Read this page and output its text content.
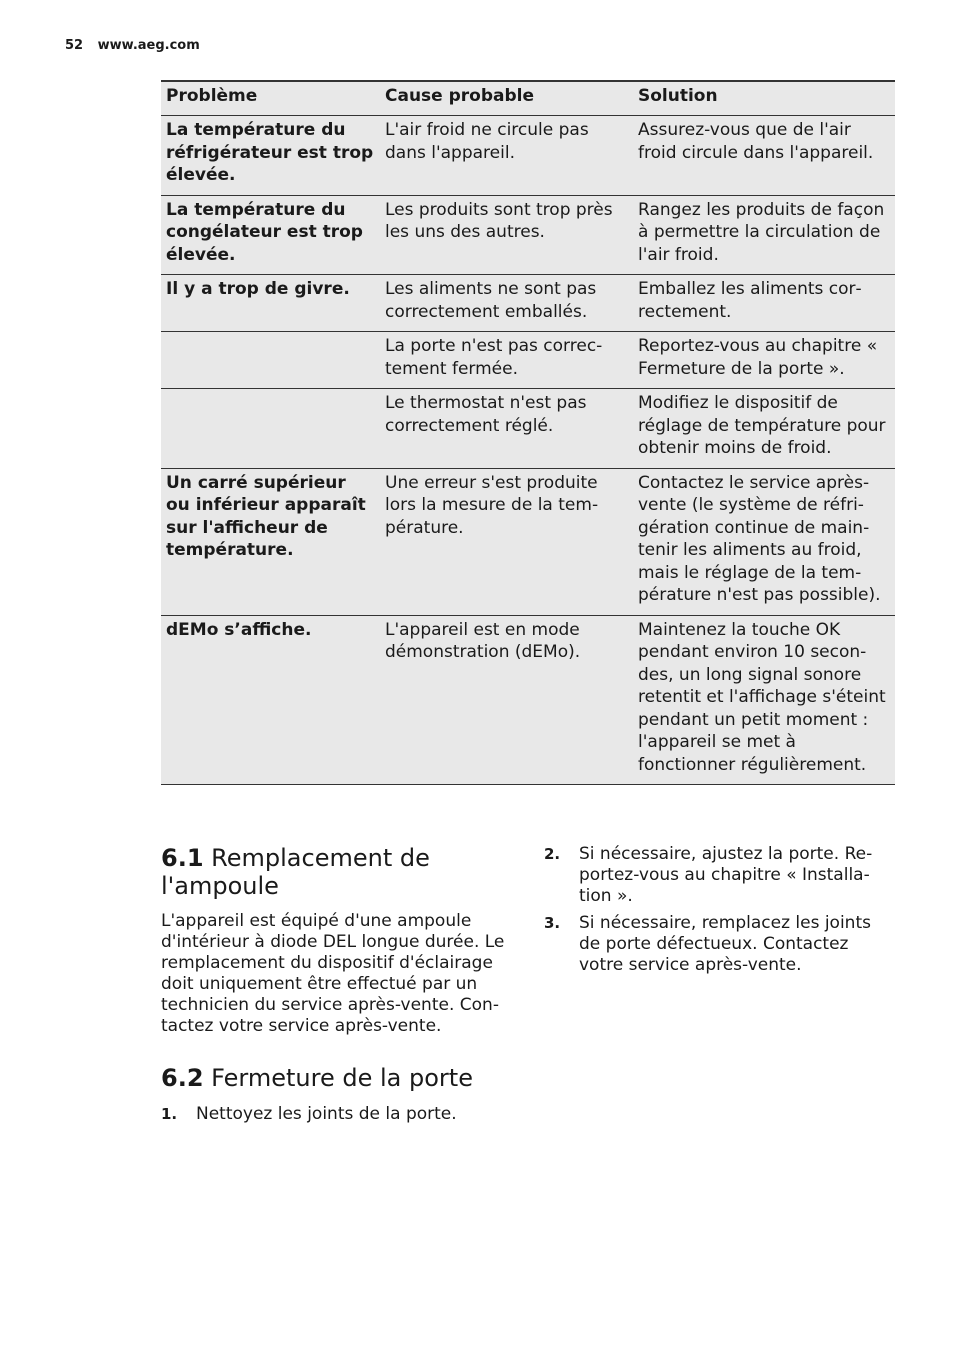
52 www.aeg.com
Problème	Cause probable	Solution
La température du réfrigérateur est trop élevée.	L'air froid ne circule pas dans l'appareil.	Assurez-vous que de l'air froid circule dans l'appareil.
La température du congélateur est trop élevée.	Les produits sont trop près les uns des autres.	Rangez les produits de façon à permettre la circulation de l'air froid.
Il y a trop de givre.	Les aliments ne sont pas correctement emballés.	Emballez les aliments correctement.
	La porte n'est pas correctement fermée.	Reportez-vous au chapitre « Fermeture de la porte ».
	Le thermostat n'est pas correctement réglé.	Modifiez le dispositif de réglage de température pour obtenir moins de froid.
Un carré supérieur ou inférieur apparaît sur l'afficheur de température.	Une erreur s'est produite lors la mesure de la température.	Contactez le service après-vente (le système de réfrigération continue de maintenir les aliments au froid, mais le réglage de la température n'est pas possible).
dEMo s’affiche.	L'appareil est en mode démonstration (dEMo).	Maintenez la touche OK pendant environ 10 secondes, un long signal sonore retentit et l'affichage s'éteint pendant un petit moment : l'appareil se met à fonctionner régulièrement.
6.1 Remplacement de l'ampoule

L'appareil est équipé d'une ampoule d'intérieur à diode DEL longue durée. Le remplacement du dispositif d'éclairage doit uniquement être effectué par un technicien du service après-vente. Contactez votre service après-vente.

6.2 Fermeture de la porte
1. Nettoyez les joints de la porte.
2. Si nécessaire, ajustez la porte. Reportez-vous au chapitre « Installation ».
3. Si nécessaire, remplacez les joints de porte défectueux. Contactez votre service après-vente.
